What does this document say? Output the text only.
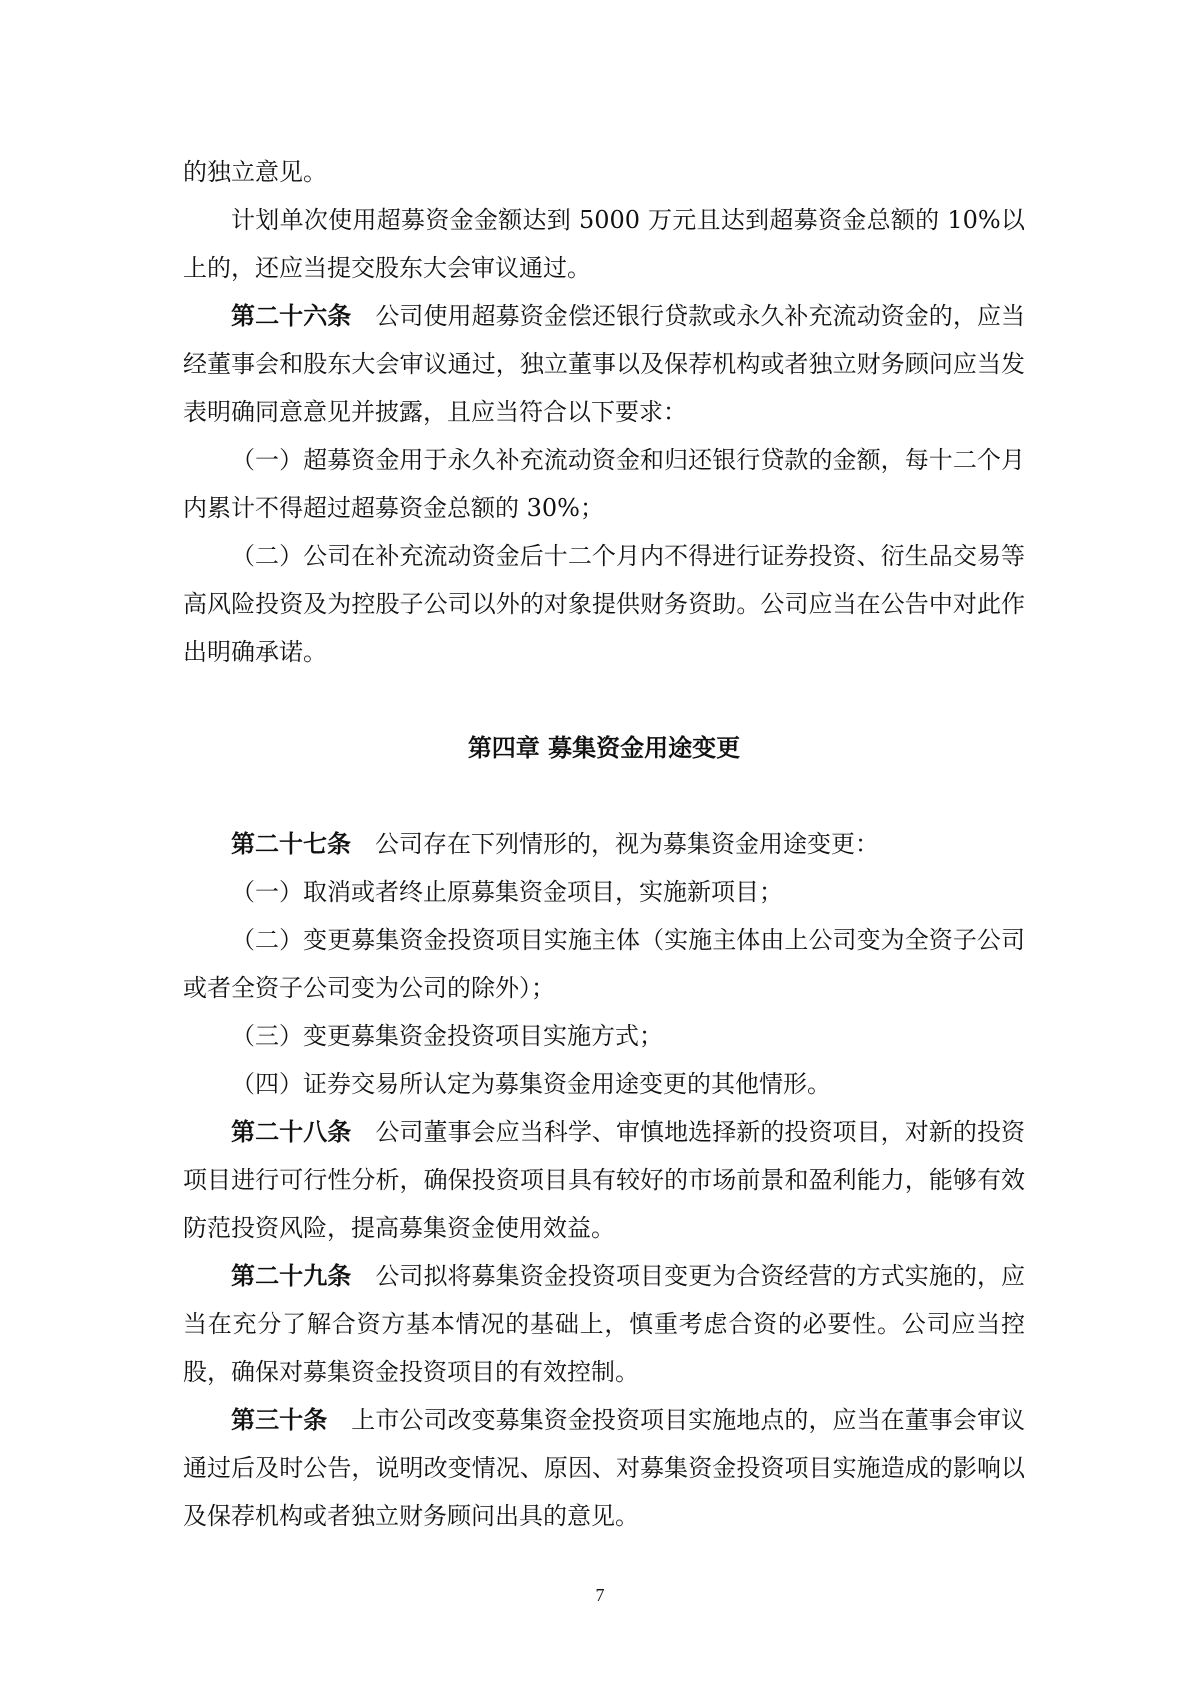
的独立意见。

计划单次使用超募资金金额达到 5000 万元且达到超募资金总额的 10%以上的，还应当提交股东大会审议通过。

第二十六条 公司使用超募资金偿还银行贷款或永久补充流动资金的，应当经董事会和股东大会审议通过，独立董事以及保荐机构或者独立财务顾问应当发表明确同意意见并披露，且应当符合以下要求：

（一）超募资金用于永久补充流动资金和归还银行贷款的金额，每十二个月内累计不得超过超募资金总额的 30%；

（二）公司在补充流动资金后十二个月内不得进行证券投资、衍生品交易等高风险投资及为控股子公司以外的对象提供财务资助。公司应当在公告中对此作出明确承诺。

第四章 募集资金用途变更

第二十七条 公司存在下列情形的，视为募集资金用途变更：

（一）取消或者终止原募集资金项目，实施新项目；

（二）变更募集资金投资项目实施主体（实施主体由上公司变为全资子公司或者全资子公司变为公司的除外）；

（三）变更募集资金投资项目实施方式；

（四）证券交易所认定为募集资金用途变更的其他情形。

第二十八条 公司董事会应当科学、审慎地选择新的投资项目，对新的投资项目进行可行性分析，确保投资项目具有较好的市场前景和盈利能力，能够有效防范投资风险，提高募集资金使用效益。

第二十九条 公司拟将募集资金投资项目变更为合资经营的方式实施的，应当在充分了解合资方基本情况的基础上，慎重考虑合资的必要性。公司应当控股，确保对募集资金投资项目的有效控制。

第三十条 上市公司改变募集资金投资项目实施地点的，应当在董事会审议通过后及时公告，说明改变情况、原因、对募集资金投资项目实施造成的影响以及保荐机构或者独立财务顾问出具的意见。

7
